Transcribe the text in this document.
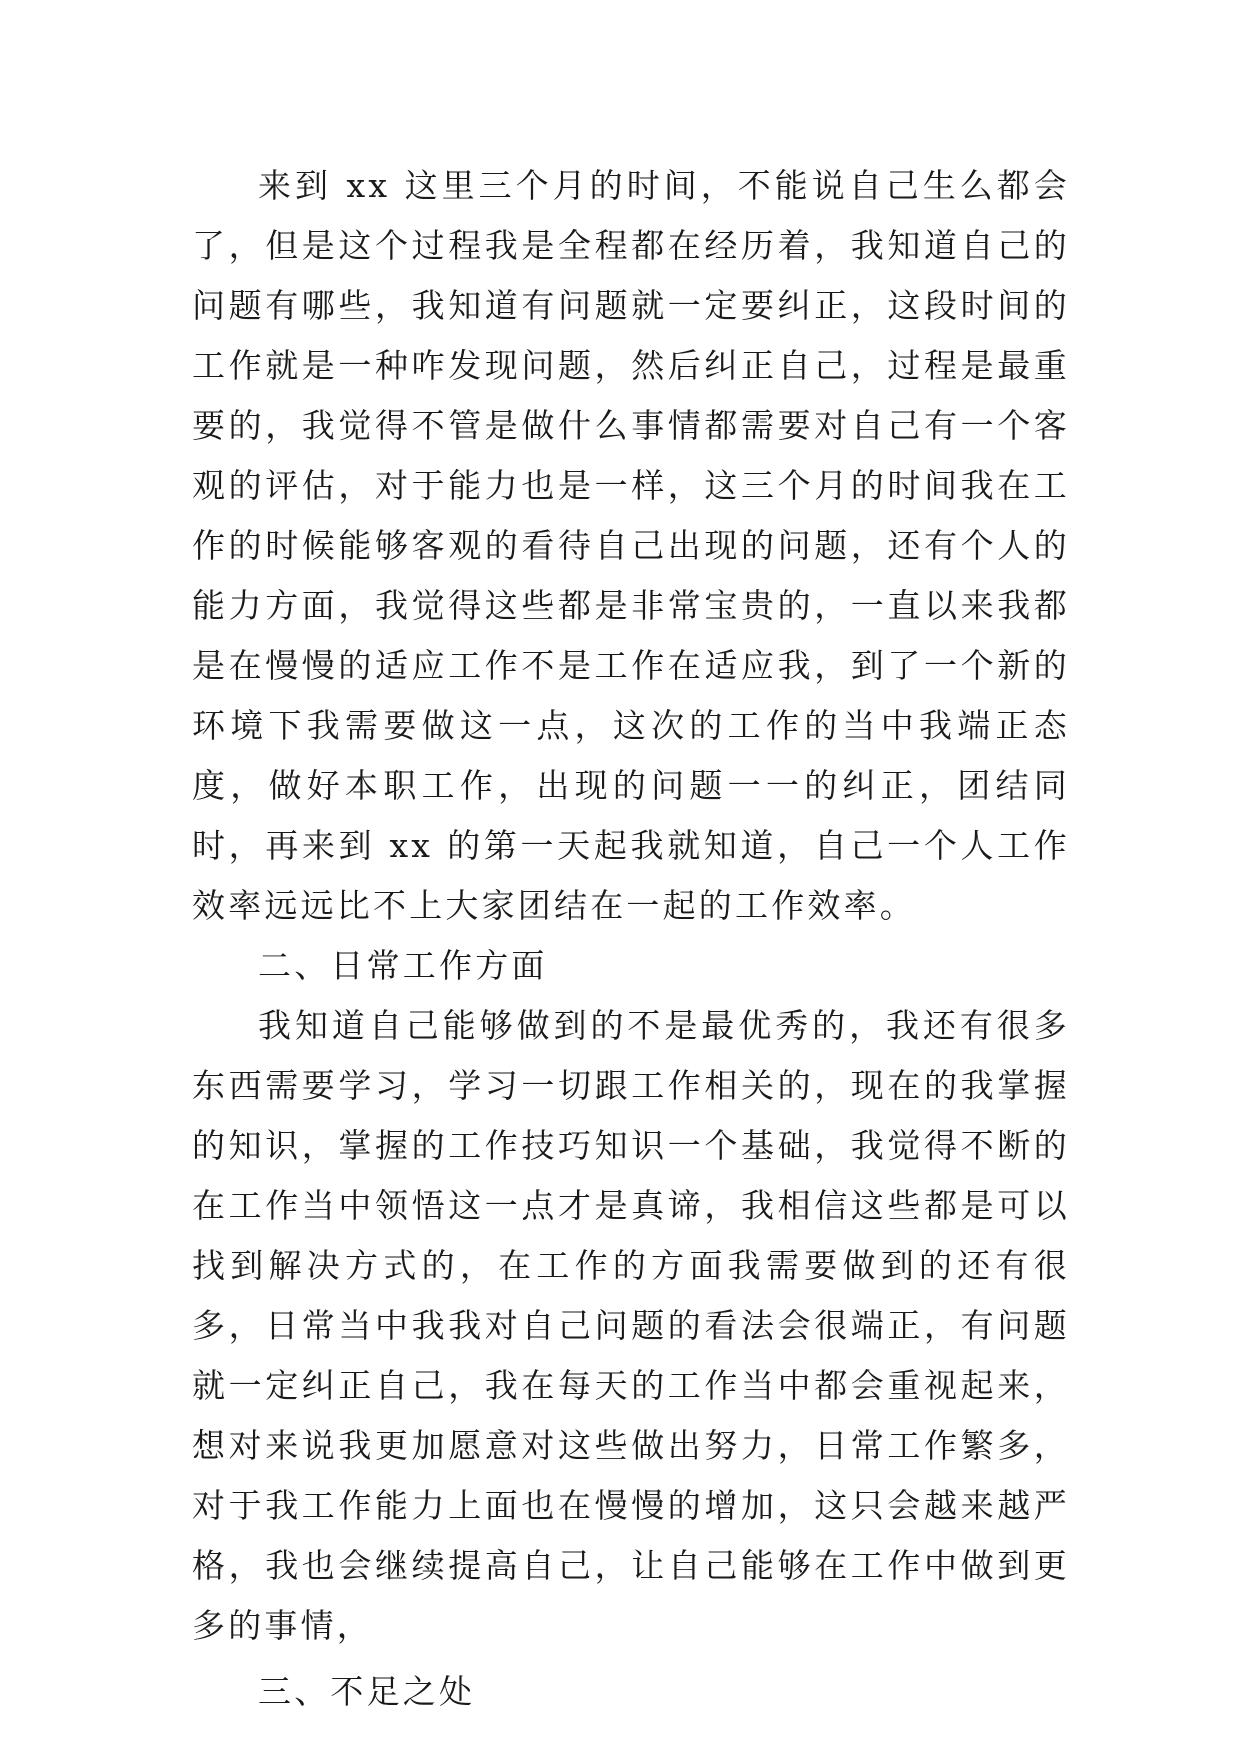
来到 xx 这里三个月的时间，不能说自己生么都会了，但是这个过程我是全程都在经历着，我知道自己的问题有哪些，我知道有问题就一定要纠正，这段时间的工作就是一种咋发现问题，然后纠正自己，过程是最重要的，我觉得不管是做什么事情都需要对自己有一个客观的评估，对于能力也是一样，这三个月的时间我在工作的时候能够客观的看待自己出现的问题，还有个人的能力方面，我觉得这些都是非常宝贵的，一直以来我都是在慢慢的适应工作不是工作在适应我，到了一个新的环境下我需要做这一点，这次的工作的当中我端正态度，做好本职工作，出现的问题一一的纠正，团结同时，再来到 xx 的第一天起我就知道，自己一个人工作效率远远比不上大家团结在一起的工作效率。

二、日常工作方面

我知道自己能够做到的不是最优秀的，我还有很多东西需要学习，学习一切跟工作相关的，现在的我掌握的知识，掌握的工作技巧知识一个基础，我觉得不断的在工作当中领悟这一点才是真谛，我相信这些都是可以找到解决方式的，在工作的方面我需要做到的还有很多，日常当中我我对自己问题的看法会很端正，有问题就一定纠正自己，我在每天的工作当中都会重视起来，想对来说我更加愿意对这些做出努力，日常工作繁多，对于我工作能力上面也在慢慢的增加，这只会越来越严格，我也会继续提高自己，让自己能够在工作中做到更多的事情，

三、不足之处
